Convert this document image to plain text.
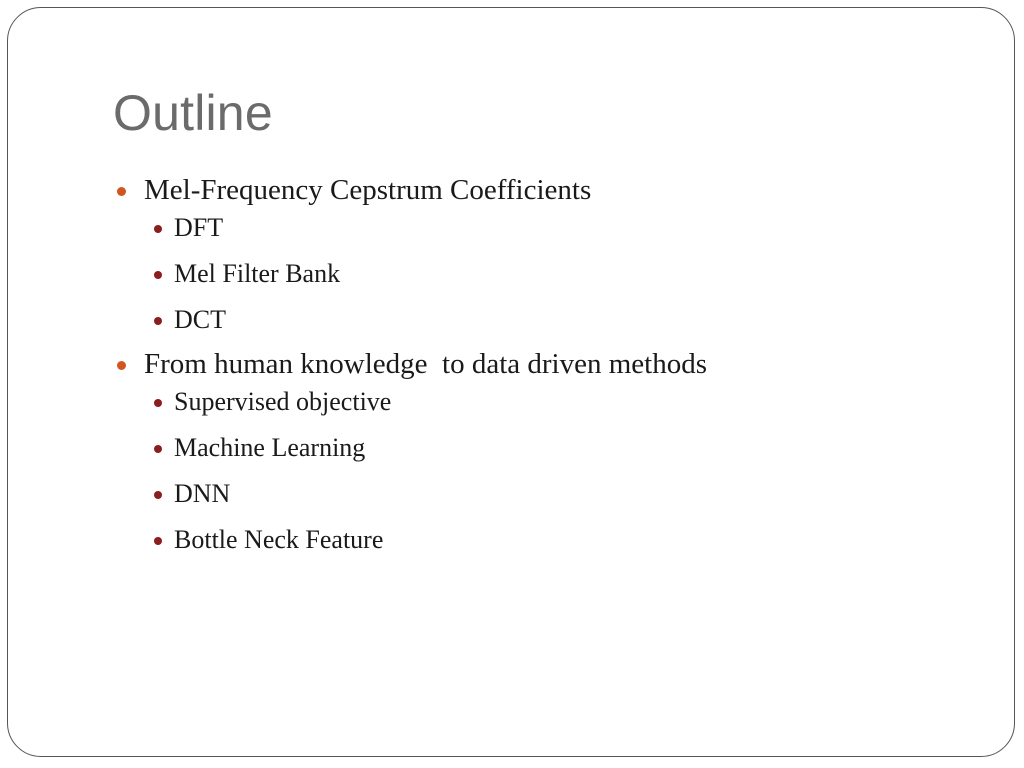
Outline
Mel-Frequency Cepstrum Coefficients
DFT
Mel Filter Bank
DCT
From human knowledge  to data driven methods
Supervised objective
Machine Learning
DNN
Bottle Neck Feature
